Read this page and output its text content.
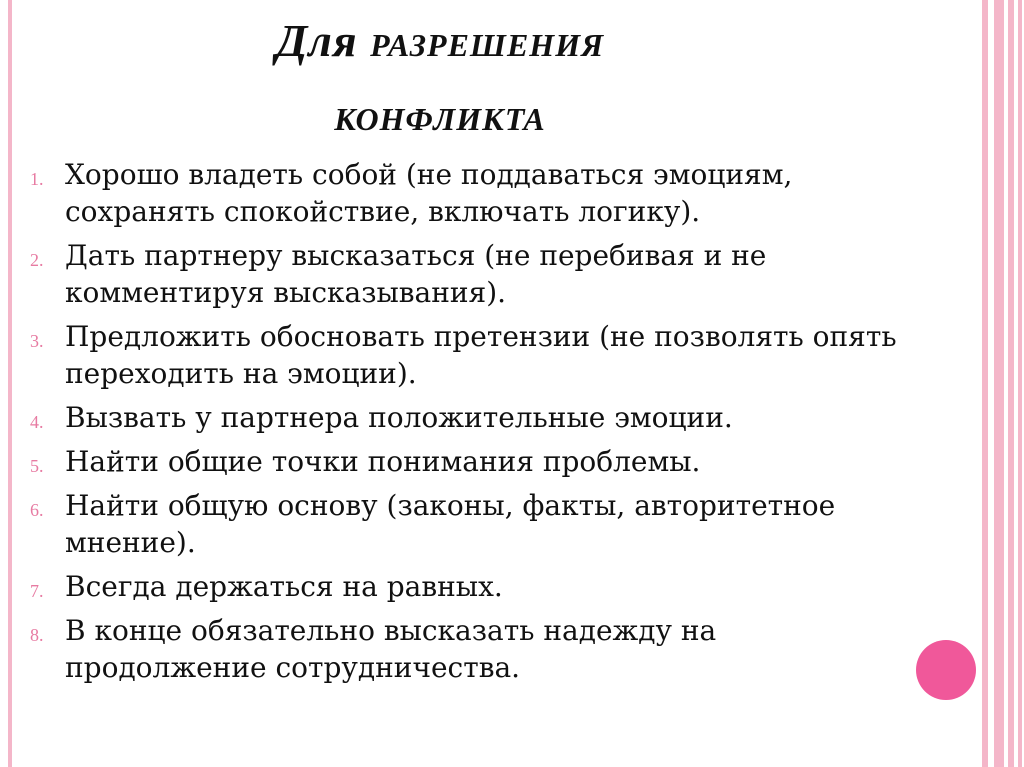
Для разрешения
конфликта
1. Хорошо владеть собой (не поддаваться эмоциям, сохранять спокойствие, включать логику).
2. Дать партнеру высказаться (не перебивая и не комментируя высказывания).
3. Предложить обосновать претензии (не позволять опять переходить на эмоции).
4. Вызвать у партнера положительные эмоции.
5. Найти общие точки понимания проблемы.
6. Найти общую основу (законы, факты, авторитетное мнение).
7. Всегда держаться на равных.
8. В конце обязательно высказать надежду на продолжение сотрудничества.
